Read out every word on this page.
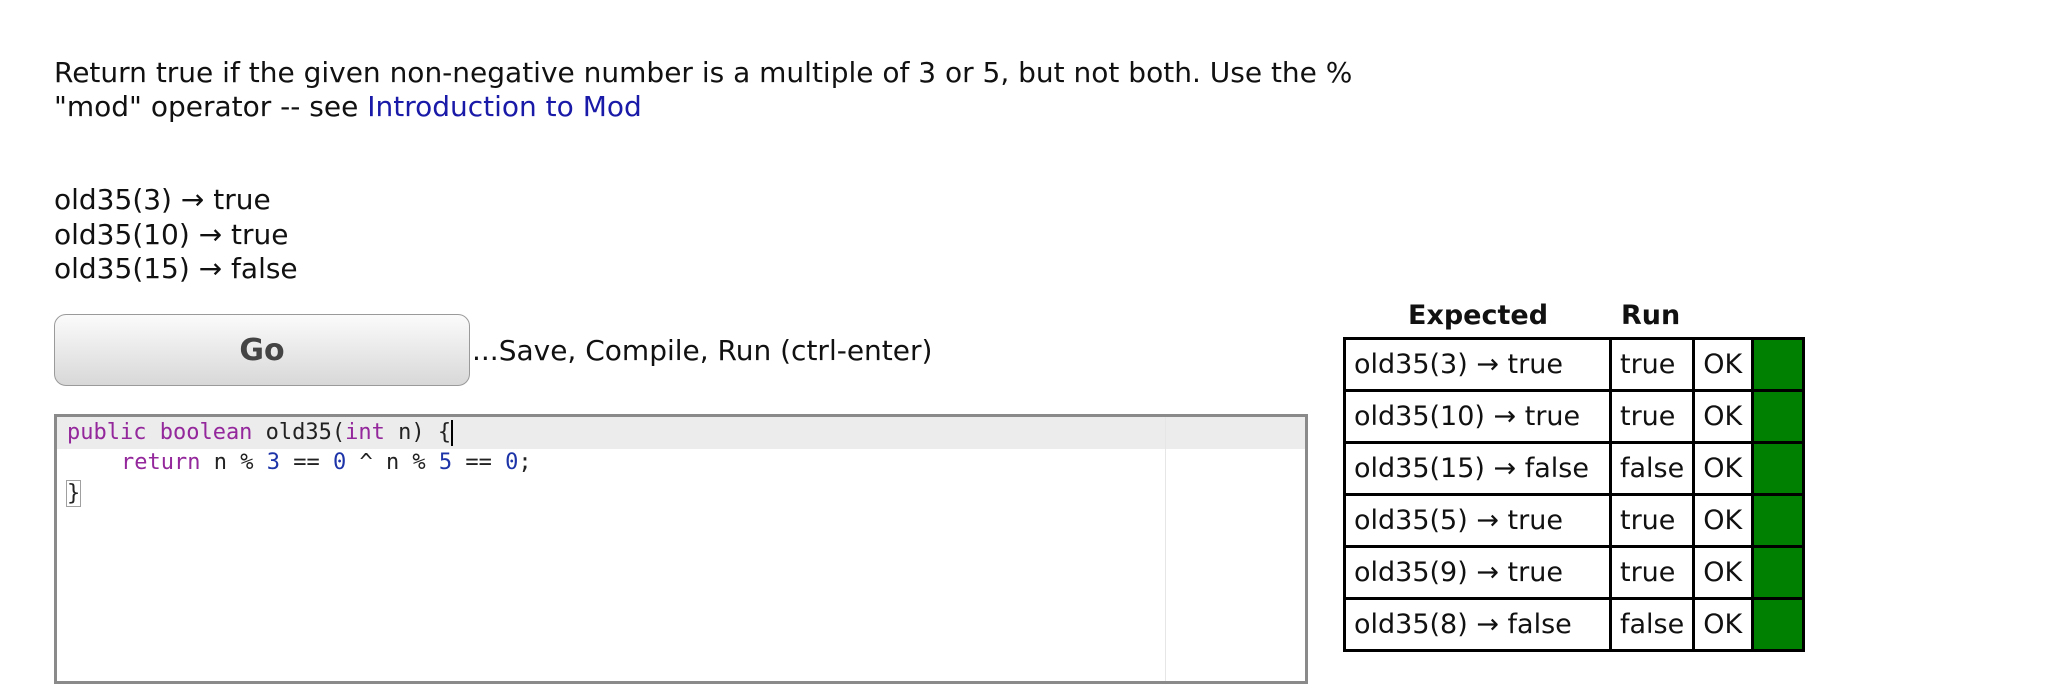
Return true if the given non-negative number is a multiple of 3 or 5, but not both. Use the % "mod" operator -- see Introduction to Mod
old35(3) → true
old35(10) → true
old35(15) → false
Go	...Save, Compile, Run (ctrl-enter)
public boolean old35(int n) {
return n % 3 == 0 ^ n % 5 == 0;
}
Expected	Run
old35(3) → true	true	OK	
old35(10) → true	true	OK	
old35(15) → false	false	OK	
old35(5) → true	true	OK	
old35(9) → true	true	OK	
old35(8) → false	false	OK	
